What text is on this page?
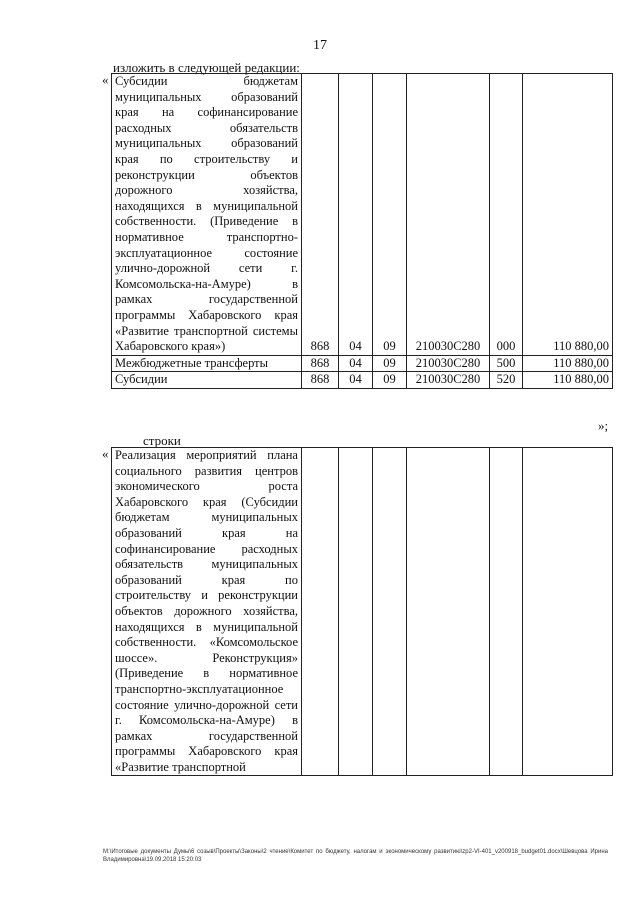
17
изложить в следующей редакции:
« Субсидии бюджетам муниципальных образований края на софинансирование расходных обязательств муниципальных образований края по строительству и реконструкции объектов дорожного хозяйства, находящихся в муниципальной собственности. (Приведение в нормативное транспортно-эксплуатационное состояние улично-дорожной сети г. Комсомольска-на-Амуре) в рамках государственной программы Хабаровского края «Развитие транспортной системы Хабаровского края»)	868	04	09	210030С280	000	110 880,00
Межбюджетные трансферты	868	04	09	210030С280	500	110 880,00
Субсидии	868	04	09	210030С280	520	110 880,00
»;
строки
« Реализация мероприятий плана социального развития центров экономического роста Хабаровского края (Субсидии бюджетам муниципальных образований края на софинансирование расходных обязательств муниципальных образований края по строительству и реконструкции объектов дорожного хозяйства, находящихся в муниципальной собственности. «Комсомольское шоссе». Реконструкция» (Приведение в нормативное транспортно-эксплуатационное состояние улично-дорожной сети г. Комсомольска-на-Амуре) в рамках государственной программы Хабаровского края «Развитие транспортной

М:\Итоговые документы Думы\6 созыв\Проекты\Законы\2 чтение\Комитет по бюджету, налогам и экономическому развитию\zp2-VI-401_v200918_budget01.docx\Шевцова Ирина Владимировна\19.09.2018 15:20:03
